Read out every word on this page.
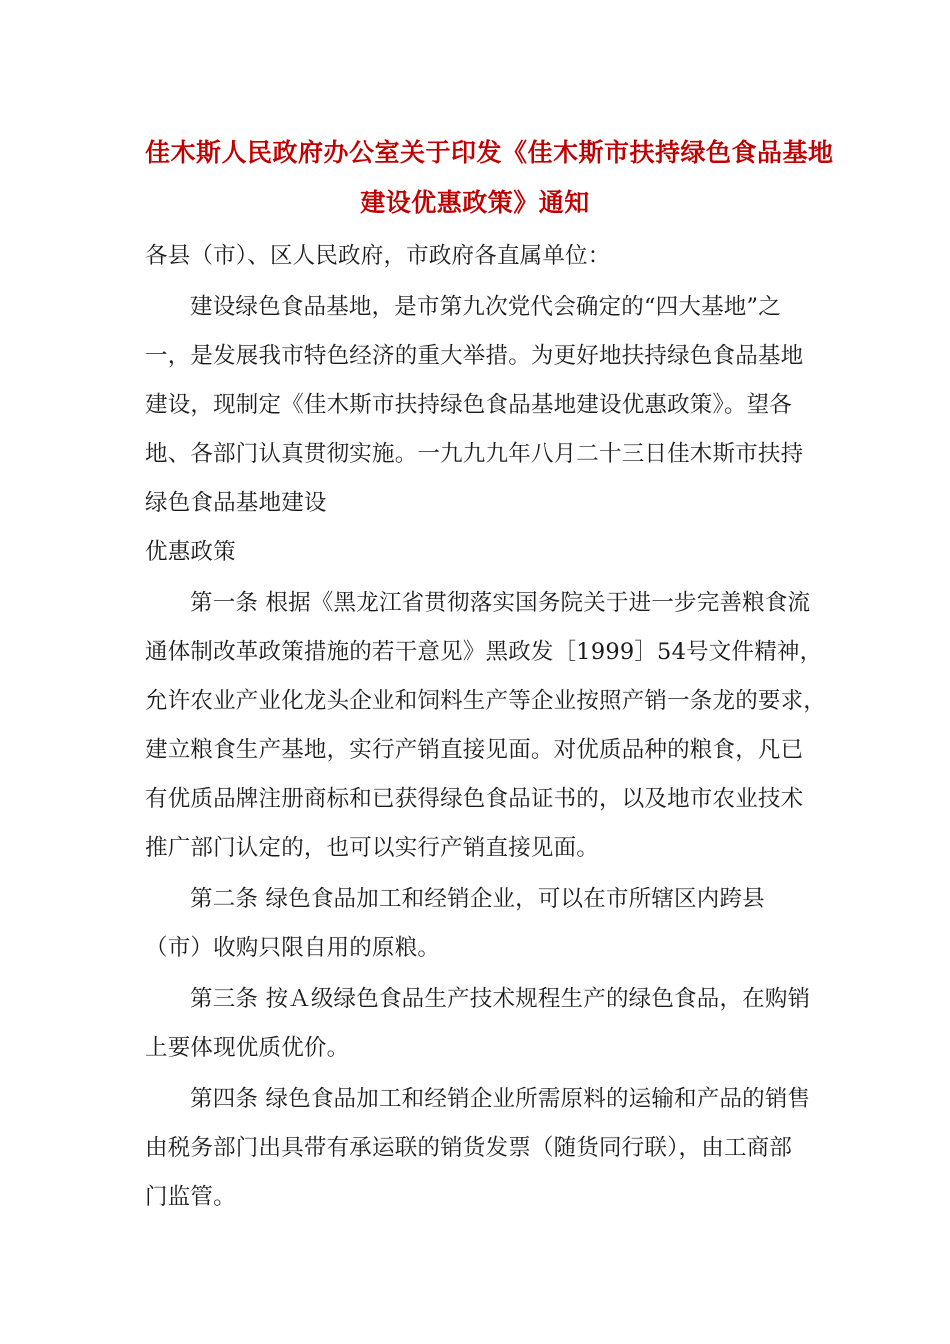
佳木斯人民政府办公室关于印发《佳木斯市扶持绿色食品基地
建设优惠政策》通知

各县（市）、区人民政府，市政府各直属单位：

建设绿色食品基地，是市第九次党代会确定的“四大基地”之

一，是发展我市特色经济的重大举措。为更好地扶持绿色食品基地

建设，现制定《佳木斯市扶持绿色食品基地建设优惠政策》。望各

地、各部门认真贯彻实施。一九九九年八月二十三日佳木斯市扶持

绿色食品基地建设

优惠政策

第一条 根据《黑龙江省贯彻落实国务院关于进一步完善粮食流

通体制改革政策措施的若干意见》黑政发［1999］54号文件精神，

允许农业产业化龙头企业和饲料生产等企业按照产销一条龙的要求，

建立粮食生产基地，实行产销直接见面。对优质品种的粮食，凡已

有优质品牌注册商标和已获得绿色食品证书的，以及地市农业技术

推广部门认定的，也可以实行产销直接见面。

第二条 绿色食品加工和经销企业，可以在市所辖区内跨县

（市）收购只限自用的原粮。

第三条 按Ａ级绿色食品生产技术规程生产的绿色食品，在购销

上要体现优质优价。

第四条 绿色食品加工和经销企业所需原料的运输和产品的销售

由税务部门出具带有承运联的销货发票（随货同行联），由工商部

门监管。
